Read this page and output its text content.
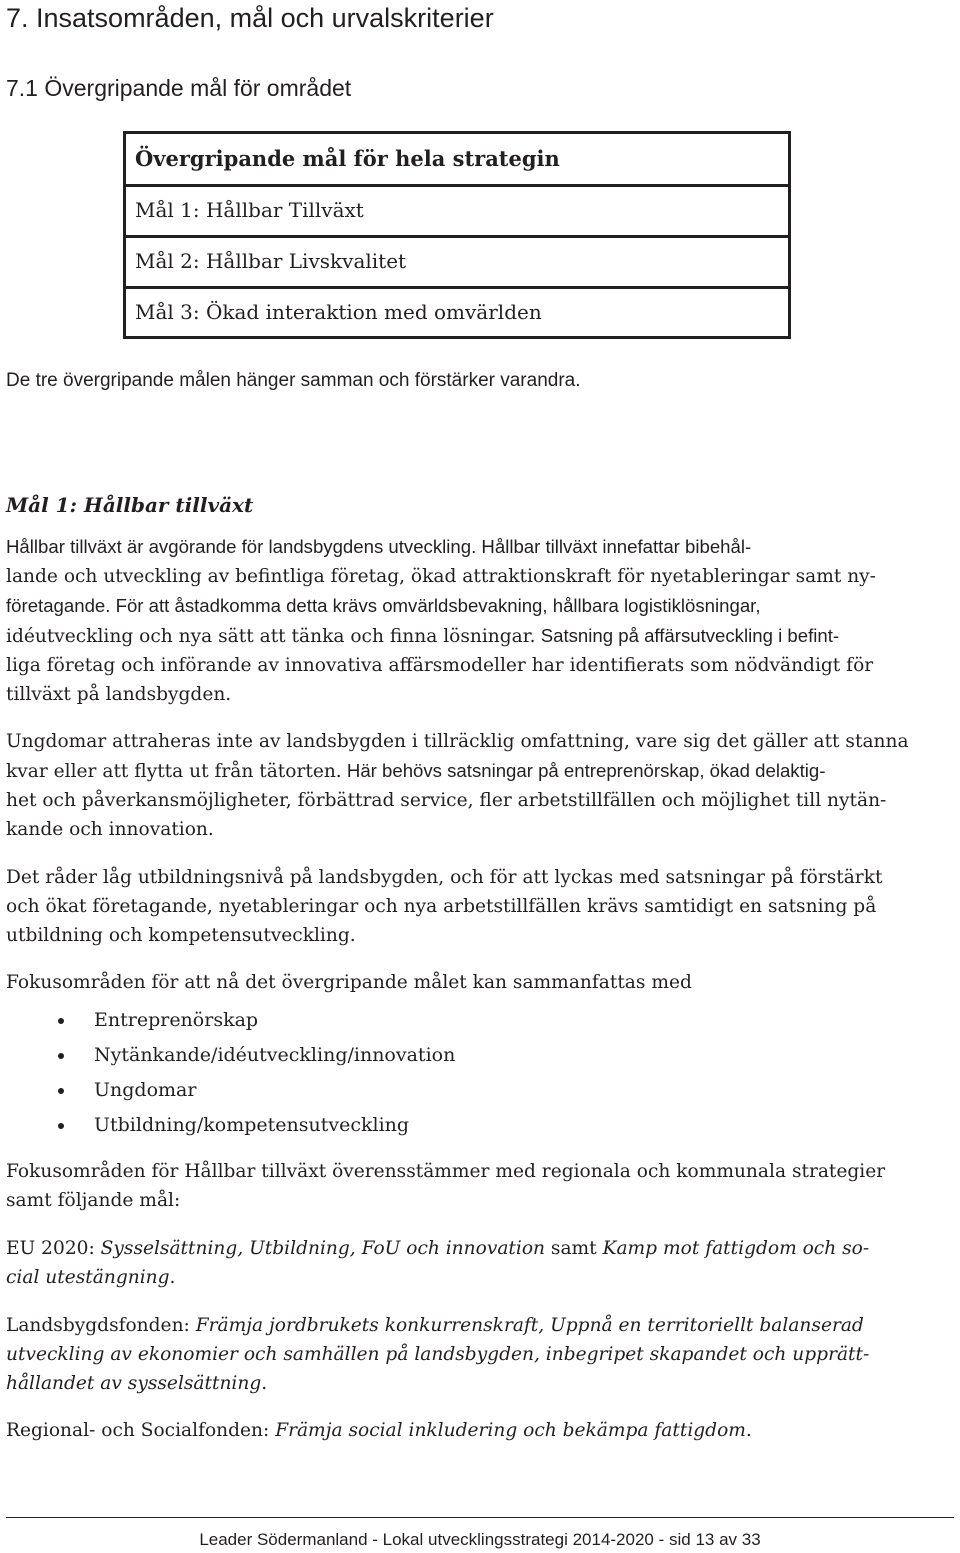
7. Insatsområden, mål och urvalskriterier
7.1 Övergripande mål för området
Övergripande mål för hela strategin
Mål 1: Hållbar Tillväxt
Mål 2: Hållbar Livskvalitet
Mål 3: Ökad interaktion med omvärlden
De tre övergripande målen hänger samman och förstärker varandra.
Mål 1: Hållbar tillväxt
Hållbar tillväxt är avgörande för landsbygdens utveckling. Hållbar tillväxt innefattar bibehål-
lande och utveckling av befintliga företag, ökad attraktionskraft för nyetableringar samt ny-
företagande. För att åstadkomma detta krävs omvärldsbevakning, hållbara logistiklösningar,
idéutveckling och nya sätt att tänka och finna lösningar. Satsning på affärsutveckling i befint-
liga företag och införande av innovativa affärsmodeller har identifierats som nödvändigt för
tillväxt på landsbygden.
Ungdomar attraheras inte av landsbygden i tillräcklig omfattning, vare sig det gäller att stanna
kvar eller att flytta ut från tätorten. Här behövs satsningar på entreprenörskap, ökad delaktig-
het och påverkansmöjligheter, förbättrad service, fler arbetstillfällen och möjlighet till nytän-
kande och innovation.
Det råder låg utbildningsnivå på landsbygden, och för att lyckas med satsningar på förstärkt
och ökat företagande, nyetableringar och nya arbetstillfällen krävs samtidigt en satsning på
utbildning och kompetensutveckling.
Fokusområden för att nå det övergripande målet kan sammanfattas med
Entreprenörskap
Nytänkande/idéutveckling/innovation
Ungdomar
Utbildning/kompetensutveckling
Fokusområden för Hållbar tillväxt överensstämmer med regionala och kommunala strategier
samt följande mål:
EU 2020: Sysselsättning, Utbildning, FoU och innovation samt Kamp mot fattigdom och so-
cial utestängning.
Landsbygdsfonden: Främja jordbrukets konkurrenskraft, Uppnå en territoriellt balanserad
utveckling av ekonomier och samhällen på landsbygden, inbegripet skapandet och upprätt-
hållandet av sysselsättning.
Regional- och Socialfonden: Främja social inkludering och bekämpa fattigdom.
Leader Södermanland - Lokal utvecklingsstrategi 2014-2020 - sid 13 av 33
